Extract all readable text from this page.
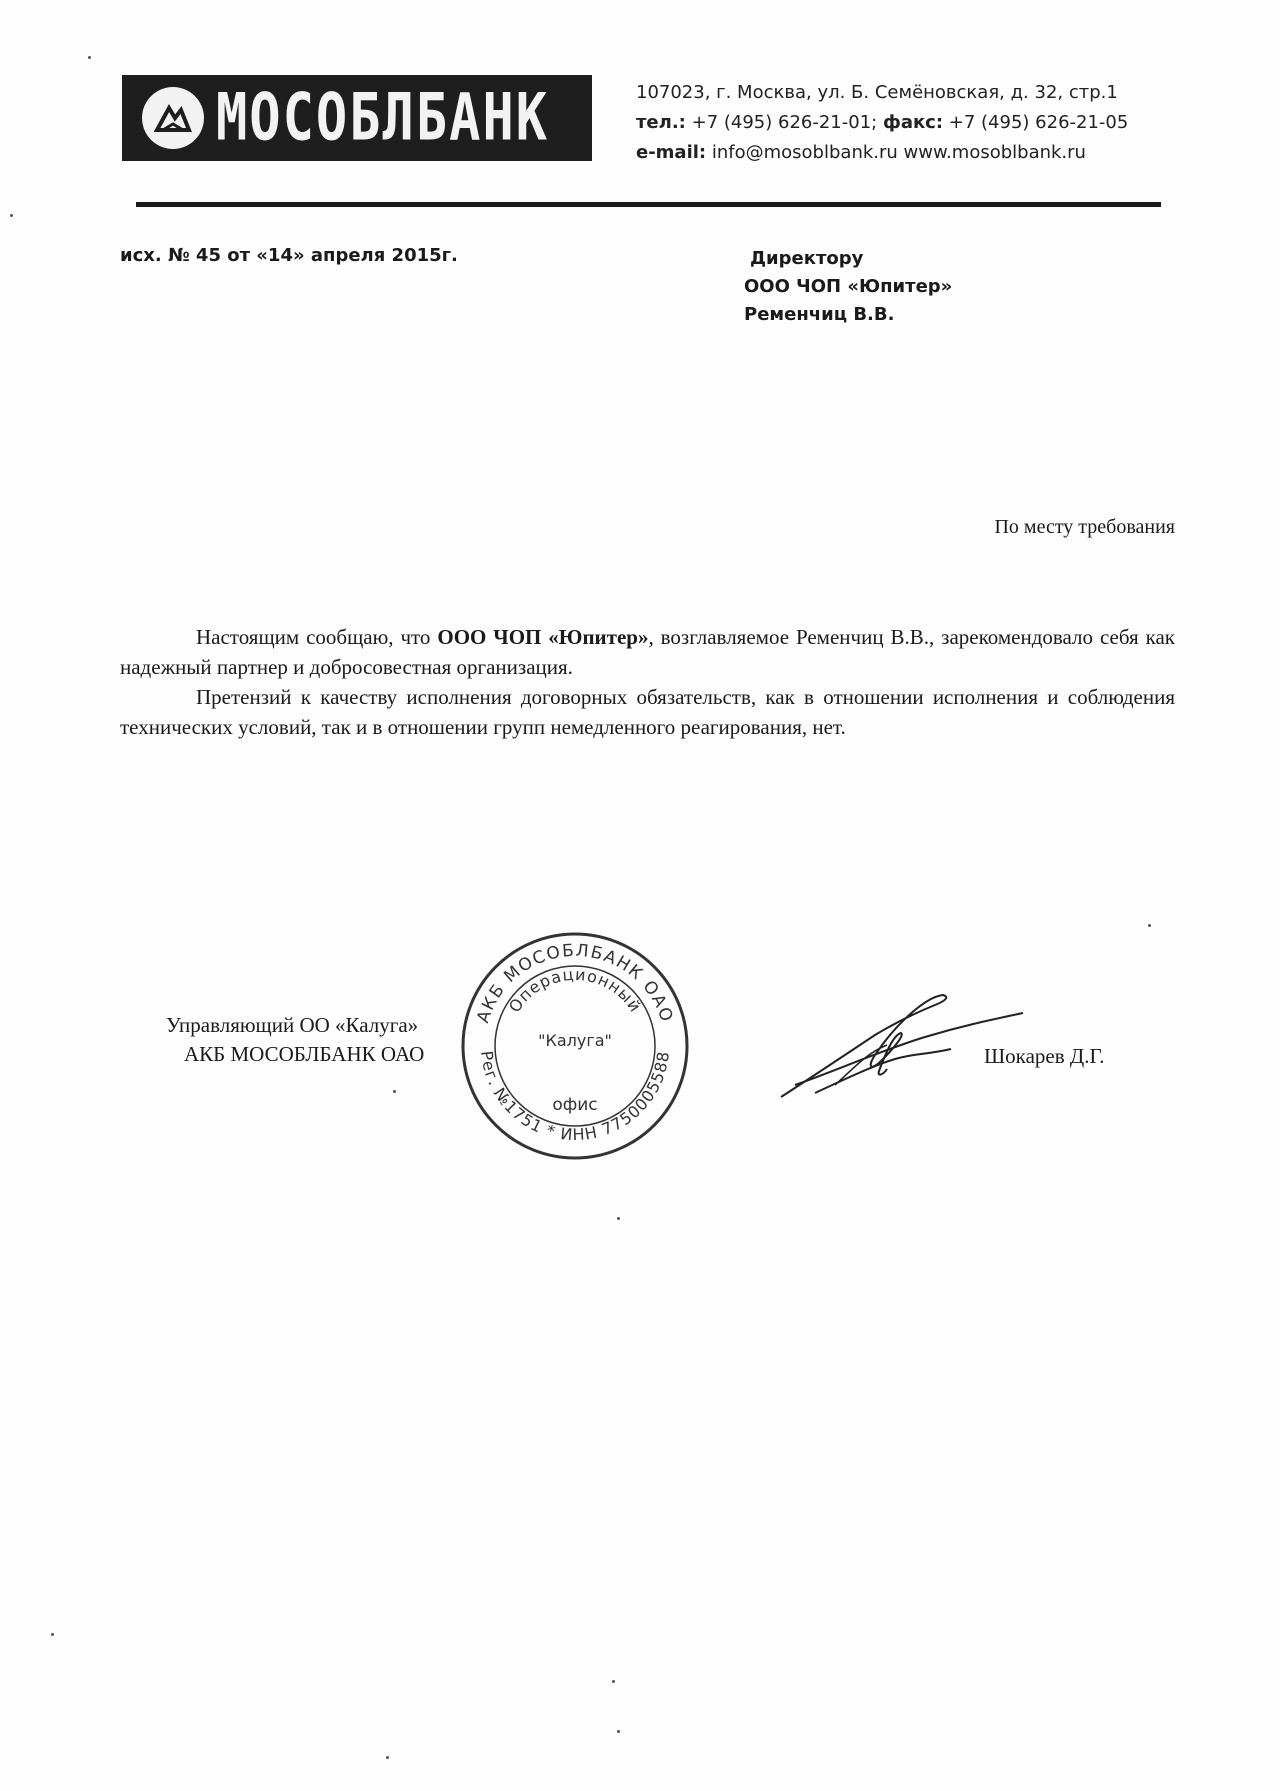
МОСОБЛБАНК	107023, г. Москва, ул. Б. Семёновская, д. 32, стр.1
тел.: +7 (495) 626-21-01; факс: +7 (495) 626-21-05
e-mail: info@mosoblbank.ru www.mosoblbank.ru
исх. № 45 от «14» апреля 2015г.	Директору
ООО ЧОП «Юпитер»
Ременчиц В.В.
По месту требования

Настоящим сообщаю, что ООО ЧОП «Юпитер», возглавляемое Ременчиц В.В., зарекомендовало себя как надежный партнер и добросовестная организация.

Претензий к качеству исполнения договорных обязательств, как в отношении исполнения и соблюдения технических условий, так и в отношении групп немедленного реагирования, нет.

Управляющий ОО «Калуга»
АКБ МОСОБЛБАНК ОАО
АКБ МОСОБЛБАНК ОАО
Операционный
"Калуга"
офис
Рег. №1751 * ИНН 7750005588	Шокарев Д.Г.
